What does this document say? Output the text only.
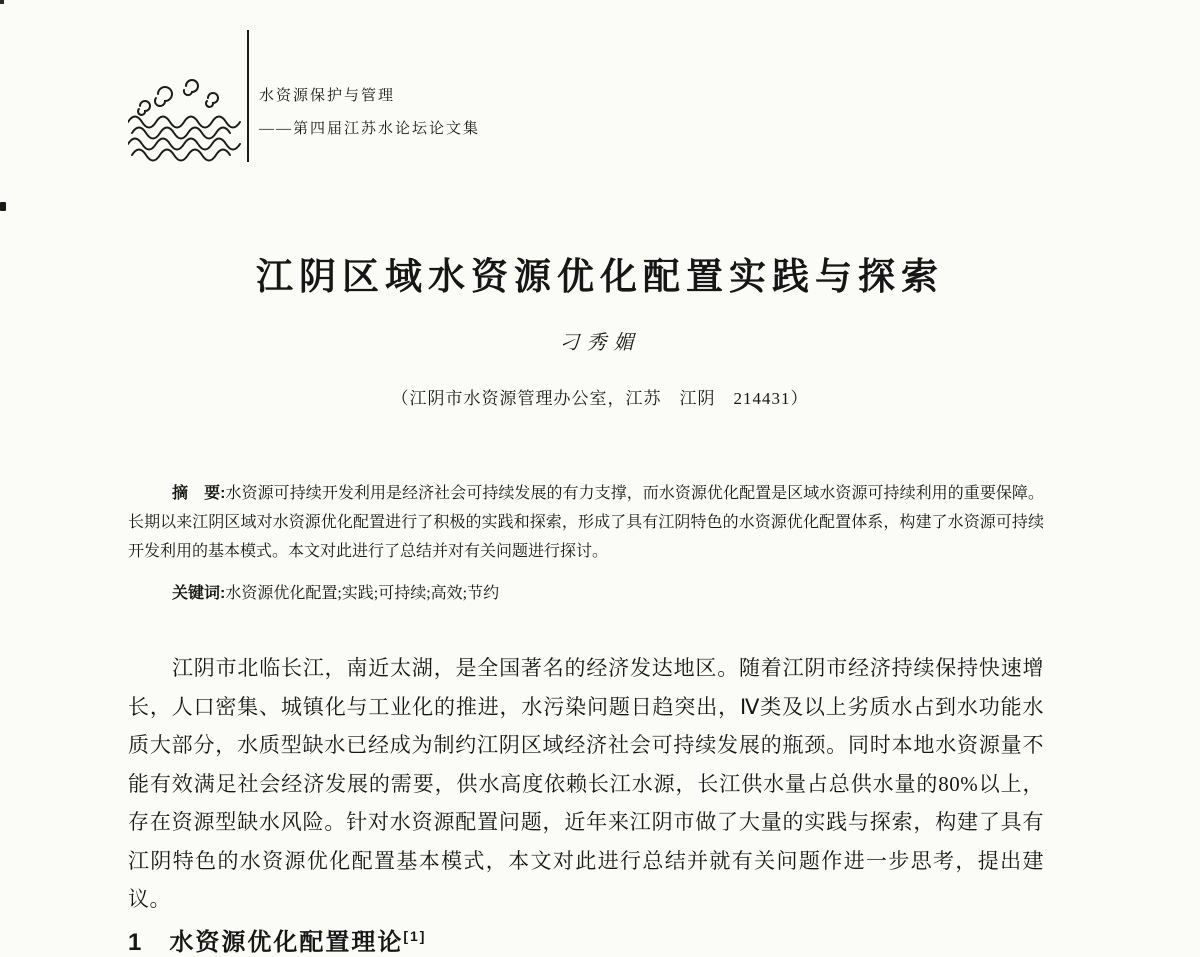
水资源保护与管理
——第四届江苏水论坛论文集
江阴区域水资源优化配置实践与探索
刁秀媚
（江阴市水资源管理办公室，江苏　江阴　214431）

摘　要:水资源可持续开发利用是经济社会可持续发展的有力支撑，而水资源优化配置是区域水资源可持续利用的重要保障。长期以来江阴区域对水资源优化配置进行了积极的实践和探索，形成了具有江阴特色的水资源优化配置体系，构建了水资源可持续开发利用的基本模式。本文对此进行了总结并对有关问题进行探讨。

关键词:水资源优化配置;实践;可持续;高效;节约

江阴市北临长江，南近太湖，是全国著名的经济发达地区。随着江阴市经济持续保持快速增长，人口密集、城镇化与工业化的推进，水污染问题日趋突出，Ⅳ类及以上劣质水占到水功能水质大部分，水质型缺水已经成为制约江阴区域经济社会可持续发展的瓶颈。同时本地水资源量不能有效满足社会经济发展的需要，供水高度依赖长江水源，长江供水量占总供水量的80%以上，存在资源型缺水风险。针对水资源配置问题，近年来江阴市做了大量的实践与探索，构建了具有江阴特色的水资源优化配置基本模式，本文对此进行总结并就有关问题作进一步思考，提出建议。

1 水资源优化配置理论[1]
